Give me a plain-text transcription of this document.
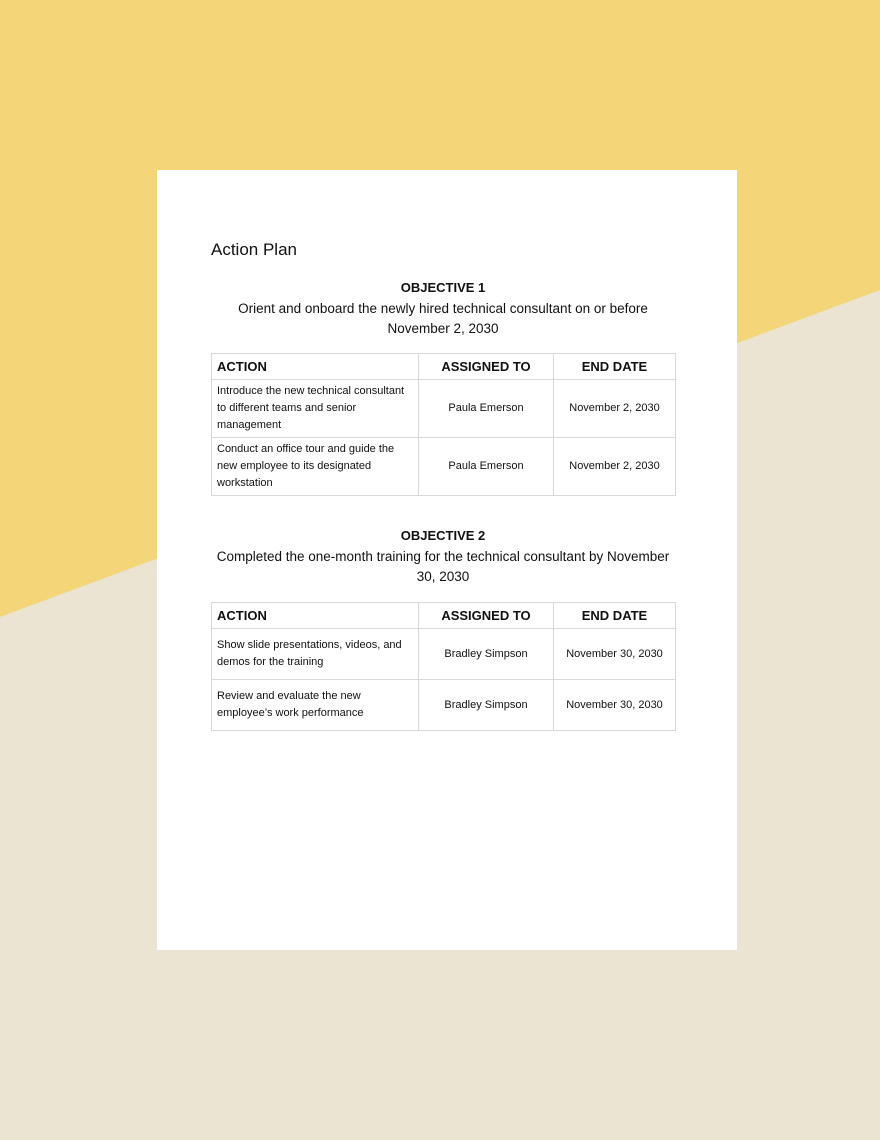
Action Plan
OBJECTIVE 1
Orient and onboard the newly hired technical consultant on or before November 2, 2030
ACTION	ASSIGNED TO	END DATE
Introduce the new technical consultant to different teams and senior management	Paula Emerson	November 2, 2030
Conduct an office tour and guide the new employee to its designated workstation	Paula Emerson	November 2, 2030
OBJECTIVE 2
Completed the one-month training for the technical consultant by November 30, 2030
ACTION	ASSIGNED TO	END DATE
Show slide presentations, videos, and demos for the training	Bradley Simpson	November 30, 2030
Review and evaluate the new employee’s work performance	Bradley Simpson	November 30, 2030
